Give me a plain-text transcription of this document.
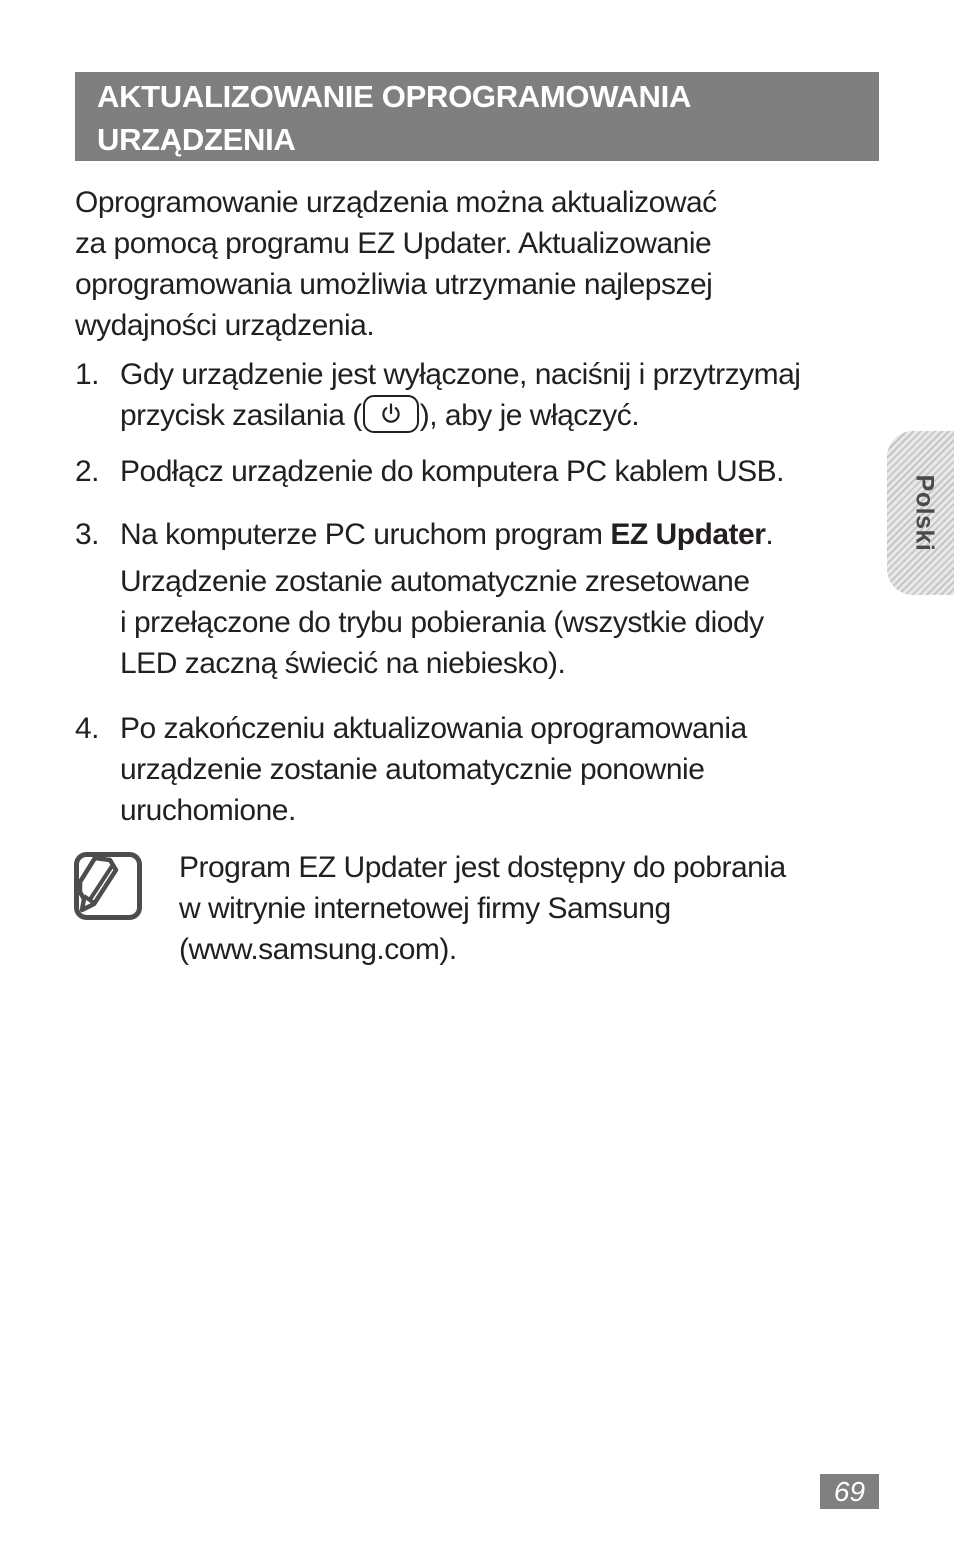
AKTUALIZOWANIE OPROGRAMOWANIA
URZĄDZENIA
Oprogramowanie urządzenia można aktualizować
za pomocą programu EZ Updater. Aktualizowanie
oprogramowania umożliwia utrzymanie najlepszej
wydajności urządzenia.
1. Gdy urządzenie jest wyłączone, naciśnij i przytrzymaj
przycisk zasilania ( ), aby je włączyć.
2. Podłącz urządzenie do komputera PC kablem USB.
3. Na komputerze PC uruchom program EZ Updater.
Urządzenie zostanie automatycznie zresetowane
i przełączone do trybu pobierania (wszystkie diody
LED zaczną świecić na niebiesko).
4. Po zakończeniu aktualizowania oprogramowania
urządzenie zostanie automatycznie ponownie
uruchomione.
Program EZ Updater jest dostępny do pobrania
w witrynie internetowej firmy Samsung
(www.samsung.com).
Polski
69
